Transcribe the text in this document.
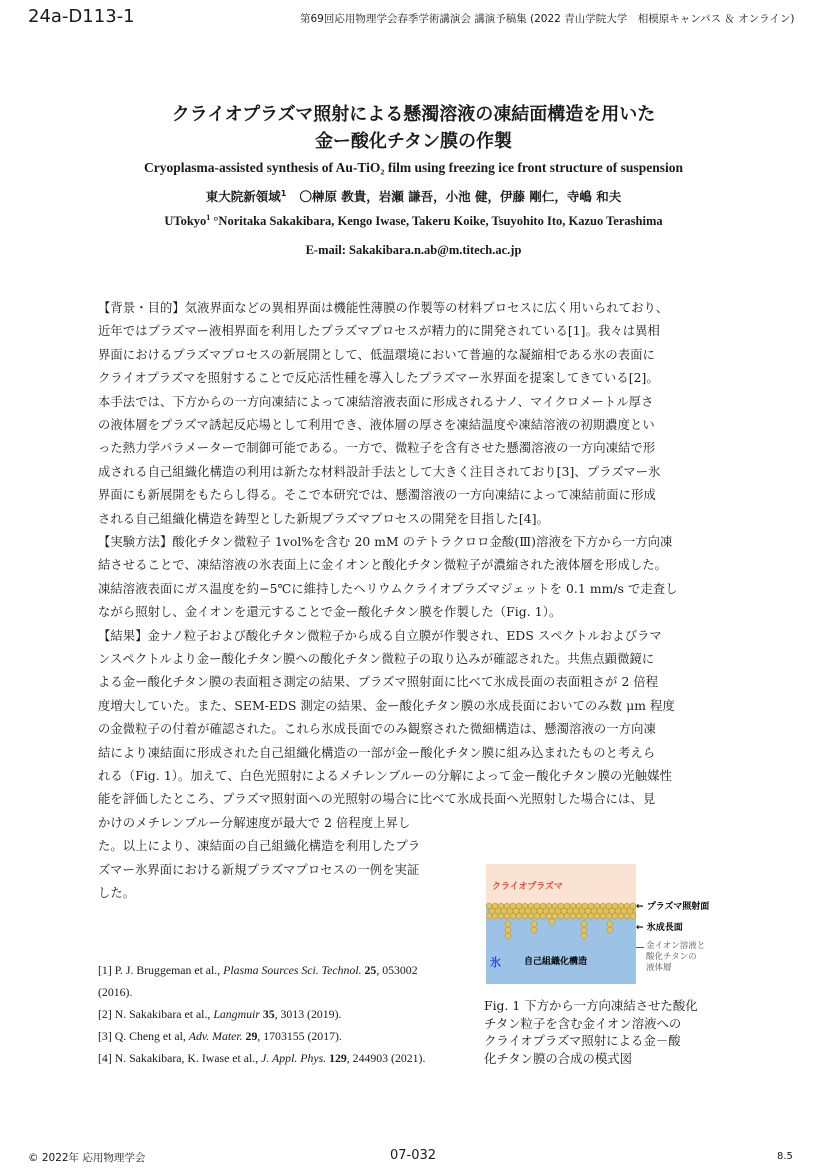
24a-D113-1	第69回応用物理学会春季学術講演会 講演予稿集 (2022 青山学院大学　相模原キャンパス ＆ オンライン)
クライオプラズマ照射による懸濁溶液の凍結面構造を用いた
金ー酸化チタン膜の作製
Cryoplasma-assisted synthesis of Au-TiO₂ film using freezing ice front structure of suspension
東大院新領域$^1$ 〇榊原 教貴，岩瀬 謙吾，小池 健，伊藤 剛仁，寺嶋 和夫
UTokyo$^1$ °Noritaka Sakakibara, Kengo Iwase, Takeru Koike, Tsuyohito Ito, Kazuo Terashima
E-mail: Sakakibara.n.ab@m.titech.ac.jp
【背景・目的】気液界面などの異相界面は機能性薄膜の作製等の材料プロセスに広く用いられており、
近年ではプラズマー液相界面を利用したプラズマプロセスが精力的に開発されている[1]。我々は異相
界面におけるプラズマプロセスの新展開として、低温環境において普遍的な凝縮相である氷の表面に
クライオプラズマを照射することで反応活性種を導入したプラズマー氷界面を提案してきている[2]。
本手法では、下方からの一方向凍結によって凍結溶液表面に形成されるナノ、マイクロメートル厚さ
の液体層をプラズマ誘起反応場として利用でき、液体層の厚さを凍結温度や凍結溶液の初期濃度とい
った熱力学パラメーターで制御可能である。一方で、微粒子を含有させた懸濁溶液の一方向凍結で形
成される自己組織化構造の利用は新たな材料設計手法として大きく注目されており[3]、プラズマー氷
界面にも新展開をもたらし得る。そこで本研究では、懸濁溶液の一方向凍結によって凍結前面に形成
される自己組織化構造を鋳型とした新規プラズマプロセスの開発を目指した[4]。
【実験方法】酸化チタン微粒子 1vol%を含む 20 mM のテトラクロロ金酸(Ⅲ)溶液を下方から一方向凍
結させることで、凍結溶液の氷表面上に金イオンと酸化チタン微粒子が濃縮された液体層を形成した。
凍結溶液表面にガス温度を約−5℃に維持したヘリウムクライオプラズマジェットを 0.1 mm/s で走査し
ながら照射し、金イオンを還元することで金ー酸化チタン膜を作製した（Fig. 1）。
【結果】金ナノ粒子および酸化チタン微粒子から成る自立膜が作製され、EDS スペクトルおよびラマ
ンスペクトルより金ー酸化チタン膜への酸化チタン微粒子の取り込みが確認された。共焦点顕微鏡に
よる金ー酸化チタン膜の表面粗さ測定の結果、プラズマ照射面に比べて氷成長面の表面粗さが 2 倍程
度増大していた。また、SEM-EDS 測定の結果、金ー酸化チタン膜の氷成長面においてのみ数 μm 程度
の金微粒子の付着が確認された。これら氷成長面でのみ観察された微細構造は、懸濁溶液の一方向凍
結により凍結面に形成された自己組織化構造の一部が金ー酸化チタン膜に組み込まれたものと考えら
れる（Fig. 1）。加えて、白色光照射によるメチレンブルーの分解によって金ー酸化チタン膜の光触媒性
能を評価したところ、プラズマ照射面への光照射の場合に比べて氷成長面へ光照射した場合には、見
かけのメチレンブルー分解速度が最大で 2 倍程度上昇し
た。以上により、凍結面の自己組織化構造を利用したプラ
ズマー氷界面における新規プラズマプロセスの一例を実証
した。
[1] P. J. Bruggeman et al., Plasma Sources Sci. Technol. 25, 053002
(2016).
[2] N. Sakakibara et al., Langmuir 35, 3013 (2019).
[3] Q. Cheng et al, Adv. Mater. 29, 1703155 (2017).
[4] N. Sakakibara, K. Iwase et al., J. Appl. Phys. 129, 244903 (2021).
クライオプラズマ
氷	自己組織化構造
← プラズマ照射面
← 氷成長面
金イオン溶液と
酸化チタンの
液体層
Fig. 1 下方から一方向凍結させた酸化
チタン粒子を含む金イオン溶液への
クライオプラズマ照射による金－酸
化チタン膜の合成の模式図
© 2022年 応用物理学会	07-032	8.5
